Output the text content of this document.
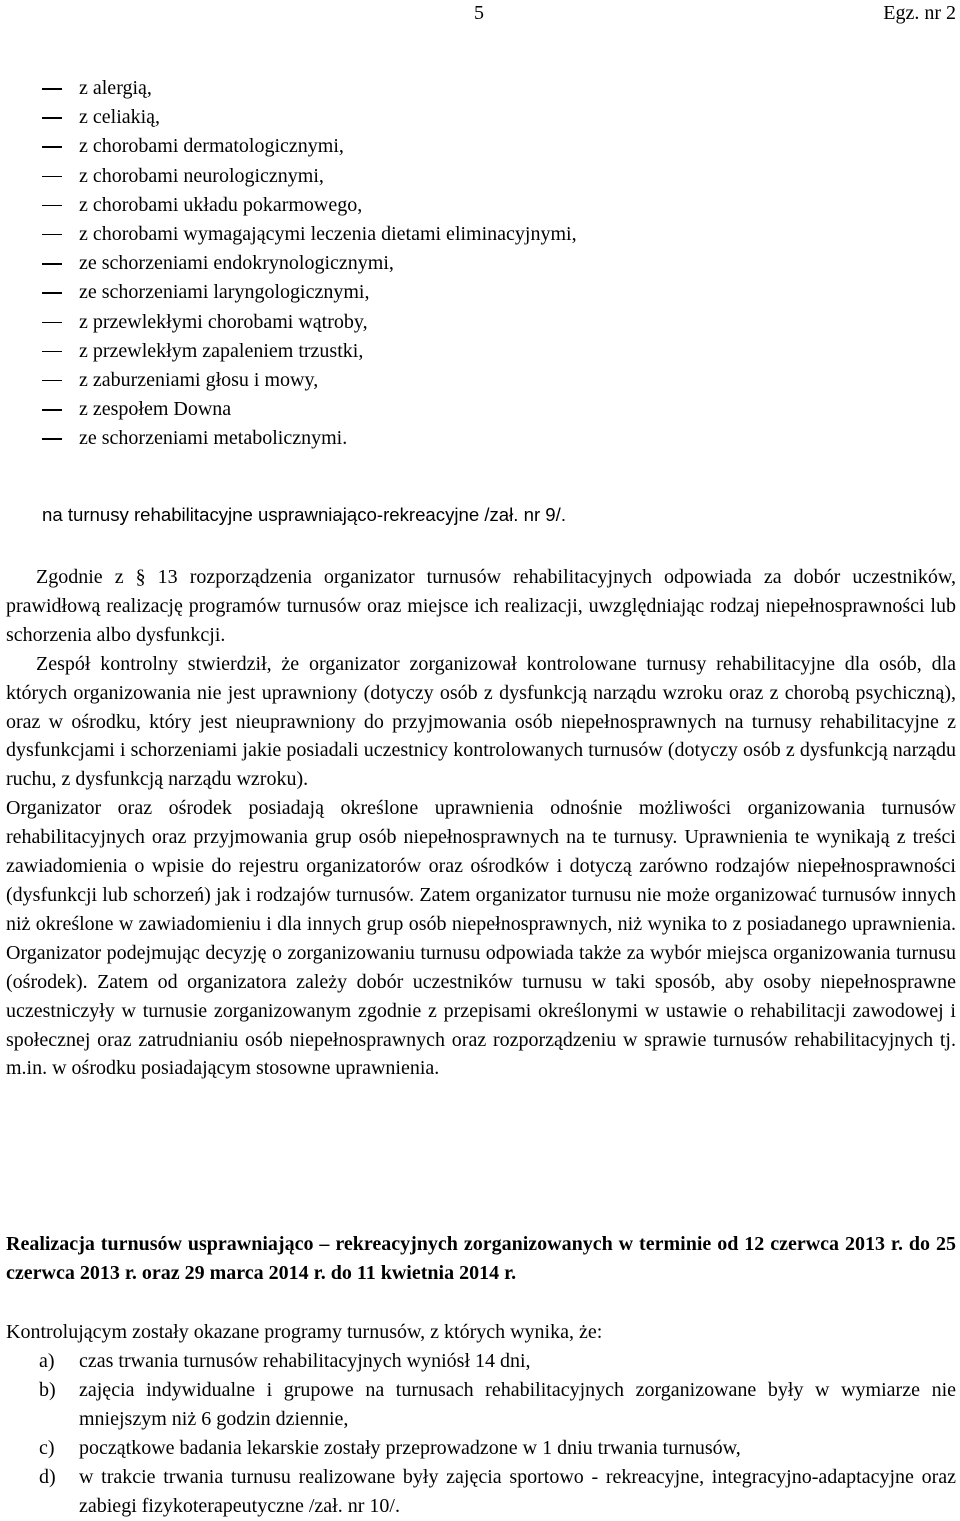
5	Egz. nr 2
z alergią,
z celiakią,
z chorobami dermatologicznymi,
z chorobami neurologicznymi,
z chorobami układu pokarmowego,
z chorobami wymagającymi leczenia dietami eliminacyjnymi,
ze schorzeniami endokrynologicznymi,
ze schorzeniami laryngologicznymi,
z przewlekłymi chorobami wątroby,
z przewlekłym zapaleniem trzustki,
z zaburzeniami głosu i mowy,
z zespołem Downa
ze schorzeniami metabolicznymi.
na turnusy rehabilitacyjne usprawniająco-rekreacyjne /zał. nr 9/.

Zgodnie z § 13 rozporządzenia organizator turnusów rehabilitacyjnych odpowiada za dobór uczestników, prawidłową realizację programów turnusów oraz miejsce ich realizacji, uwzględniając rodzaj niepełnosprawności lub schorzenia albo dysfunkcji.

Zespół kontrolny stwierdził, że organizator zorganizował kontrolowane turnusy rehabilitacyjne dla osób, dla których organizowania nie jest uprawniony (dotyczy osób z dysfunkcją narządu wzroku oraz z chorobą psychiczną), oraz w ośrodku, który jest nieuprawniony do przyjmowania osób niepełnosprawnych na turnusy rehabilitacyjne z dysfunkcjami i schorzeniami jakie posiadali uczestnicy kontrolowanych turnusów (dotyczy osób z dysfunkcją narządu ruchu, z dysfunkcją narządu wzroku).

Organizator oraz ośrodek posiadają określone uprawnienia odnośnie możliwości organizowania turnusów rehabilitacyjnych oraz przyjmowania grup osób niepełnosprawnych na te turnusy. Uprawnienia te wynikają z treści zawiadomienia o wpisie do rejestru organizatorów oraz ośrodków i dotyczą zarówno rodzajów niepełnosprawności (dysfunkcji lub schorzeń) jak i rodzajów turnusów. Zatem organizator turnusu nie może organizować turnusów innych niż określone w zawiadomieniu i dla innych grup osób niepełnosprawnych, niż wynika to z posiadanego uprawnienia. Organizator podejmując decyzję o zorganizowaniu turnusu odpowiada także za wybór miejsca organizowania turnusu (ośrodek). Zatem od organizatora zależy dobór uczestników turnusu w taki sposób, aby osoby niepełnosprawne uczestniczyły w turnusie zorganizowanym zgodnie z przepisami określonymi w ustawie o rehabilitacji zawodowej i społecznej oraz zatrudnianiu osób niepełnosprawnych oraz rozporządzeniu w sprawie turnusów rehabilitacyjnych tj. m.in. w ośrodku posiadającym stosowne uprawnienia.

Realizacja turnusów usprawniająco – rekreacyjnych zorganizowanych w terminie od 12 czerwca 2013 r. do 25 czerwca 2013 r. oraz 29 marca 2014 r. do 11 kwietnia 2014 r.
Kontrolującym zostały okazane programy turnusów, z których wynika, że:
a) czas trwania turnusów rehabilitacyjnych wyniósł 14 dni,
b) zajęcia indywidualne i grupowe na turnusach rehabilitacyjnych zorganizowane były w wymiarze nie mniejszym niż 6 godzin dziennie,
c) początkowe badania lekarskie zostały przeprowadzone w 1 dniu trwania turnusów,
d) w trakcie trwania turnusu realizowane były zajęcia sportowo - rekreacyjne, integracyjno-adaptacyjne oraz zabiegi fizykoterapeutyczne /zał. nr 10/.
